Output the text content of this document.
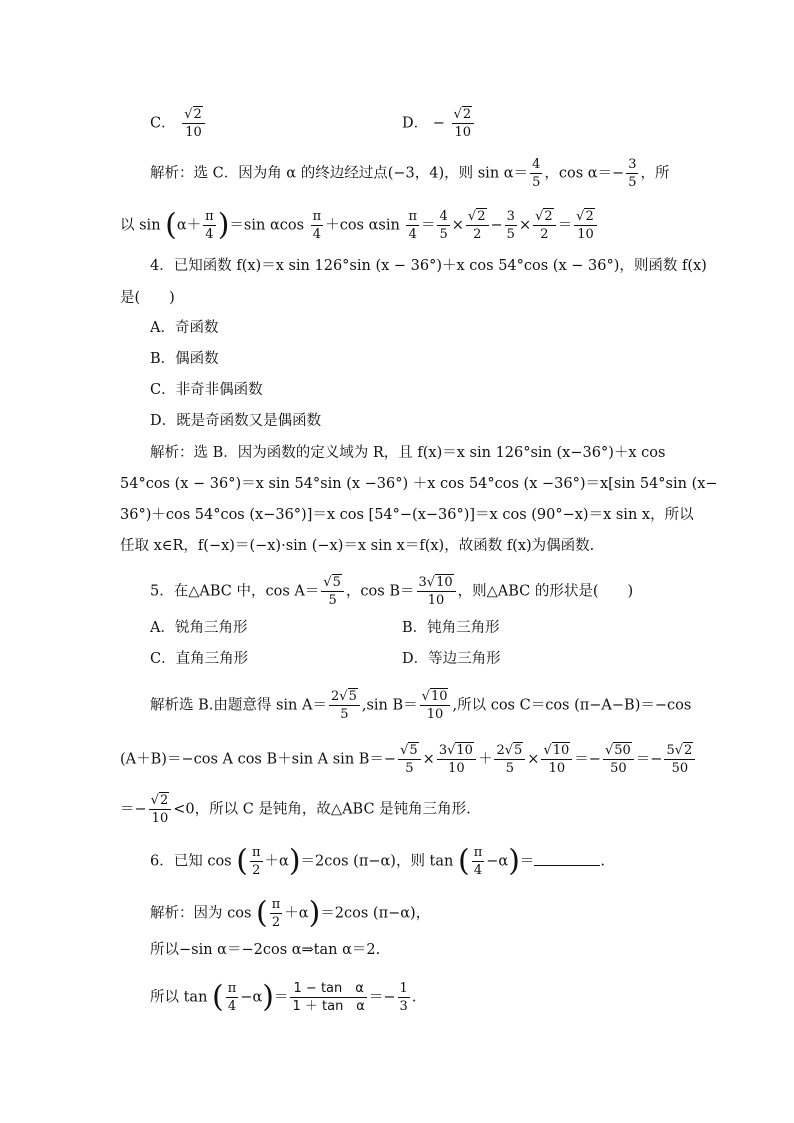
C． $\frac{√2}{10}$	D． − $\frac{√2}{10}$
解析：选 C．因为角 α 的终边经过点(−3，4)，则 $\sin \alpha= \frac{4}{5}$ ，$\cos \alpha=- \frac{3}{5}$ ，所
以 $\sin (\alpha+ \frac{\pi}{4} )=\sin$ αcos $\frac{\pi}{4} +\cos$ αsin $\frac{\pi}{4} = \frac{4}{5} \times \frac{√2}{2} - \frac{3}{5} \times \frac{√2}{2} = \frac{√2}{10}$
4．已知函数 f(x)＝x sin 126°sin (x − 36°)＋x cos 54°cos (x − 36°)，则函数 f(x)
是(　　)
A．奇函数
B．偶函数
C．非奇非偶函数
D．既是奇函数又是偶函数
解析：选 B．因为函数的定义域为 R，且 f(x)＝x sin 126°sin (x−36°)＋x cos
54°cos (x − 36°)＝x sin 54°sin (x −36°) ＋x cos 54°cos (x −36°)＝x[sin 54°sin (x−
36°)＋cos 54°cos (x−36°)]＝x cos [54°−(x−36°)]＝x cos (90°−x)＝x sin x，所以
任取 x∈R，f(−x)＝(−x)·sin (−x)＝x sin x＝f(x)，故函数 f(x)为偶函数.
5．在△ABC 中，$\cos A= \frac{√5}{5}$ ，$\cos B= \frac{3√10}{10}$ ，则△ABC 的形状是(　　)
A．锐角三角形	B．钝角三角形
C．直角三角形	D．等边三角形
解析选 B.由题意得 $\sin A= \frac{2√5}{5} ,\sin$ $B= \frac{√10}{10}$ ,所以 cos C＝cos (π−A−B)＝−cos
(A＋B)＝−cos A cos B＋sin A $\sin B=- \frac{√5}{5} \times \frac{3√10}{10} + \frac{2√5}{5} \times \frac{√10}{10} =- \frac{√50}{50} =- \frac{5√2}{50}$
＝− $\frac{√2}{10} <0$，所以 C 是钝角，故△ABC 是钝角三角形.
6．已知 cos ( $\frac{\pi}{2} +\alpha)=2\cos$ (π−α)，则 tan ( $\frac{\pi}{4} -\alpha)=$	.
解析：因为 cos ( $\frac{\pi}{2} +\alpha)=2\cos$ (π−α)，
所以−sin α＝−2cos α⇒tan α＝2.
所以 tan ( $\frac{\pi}{4} -\alpha)= \frac{\text{1 − tan　α}}{\text{1 ＋ tan　α}} =- \frac{1}{3}$ .
